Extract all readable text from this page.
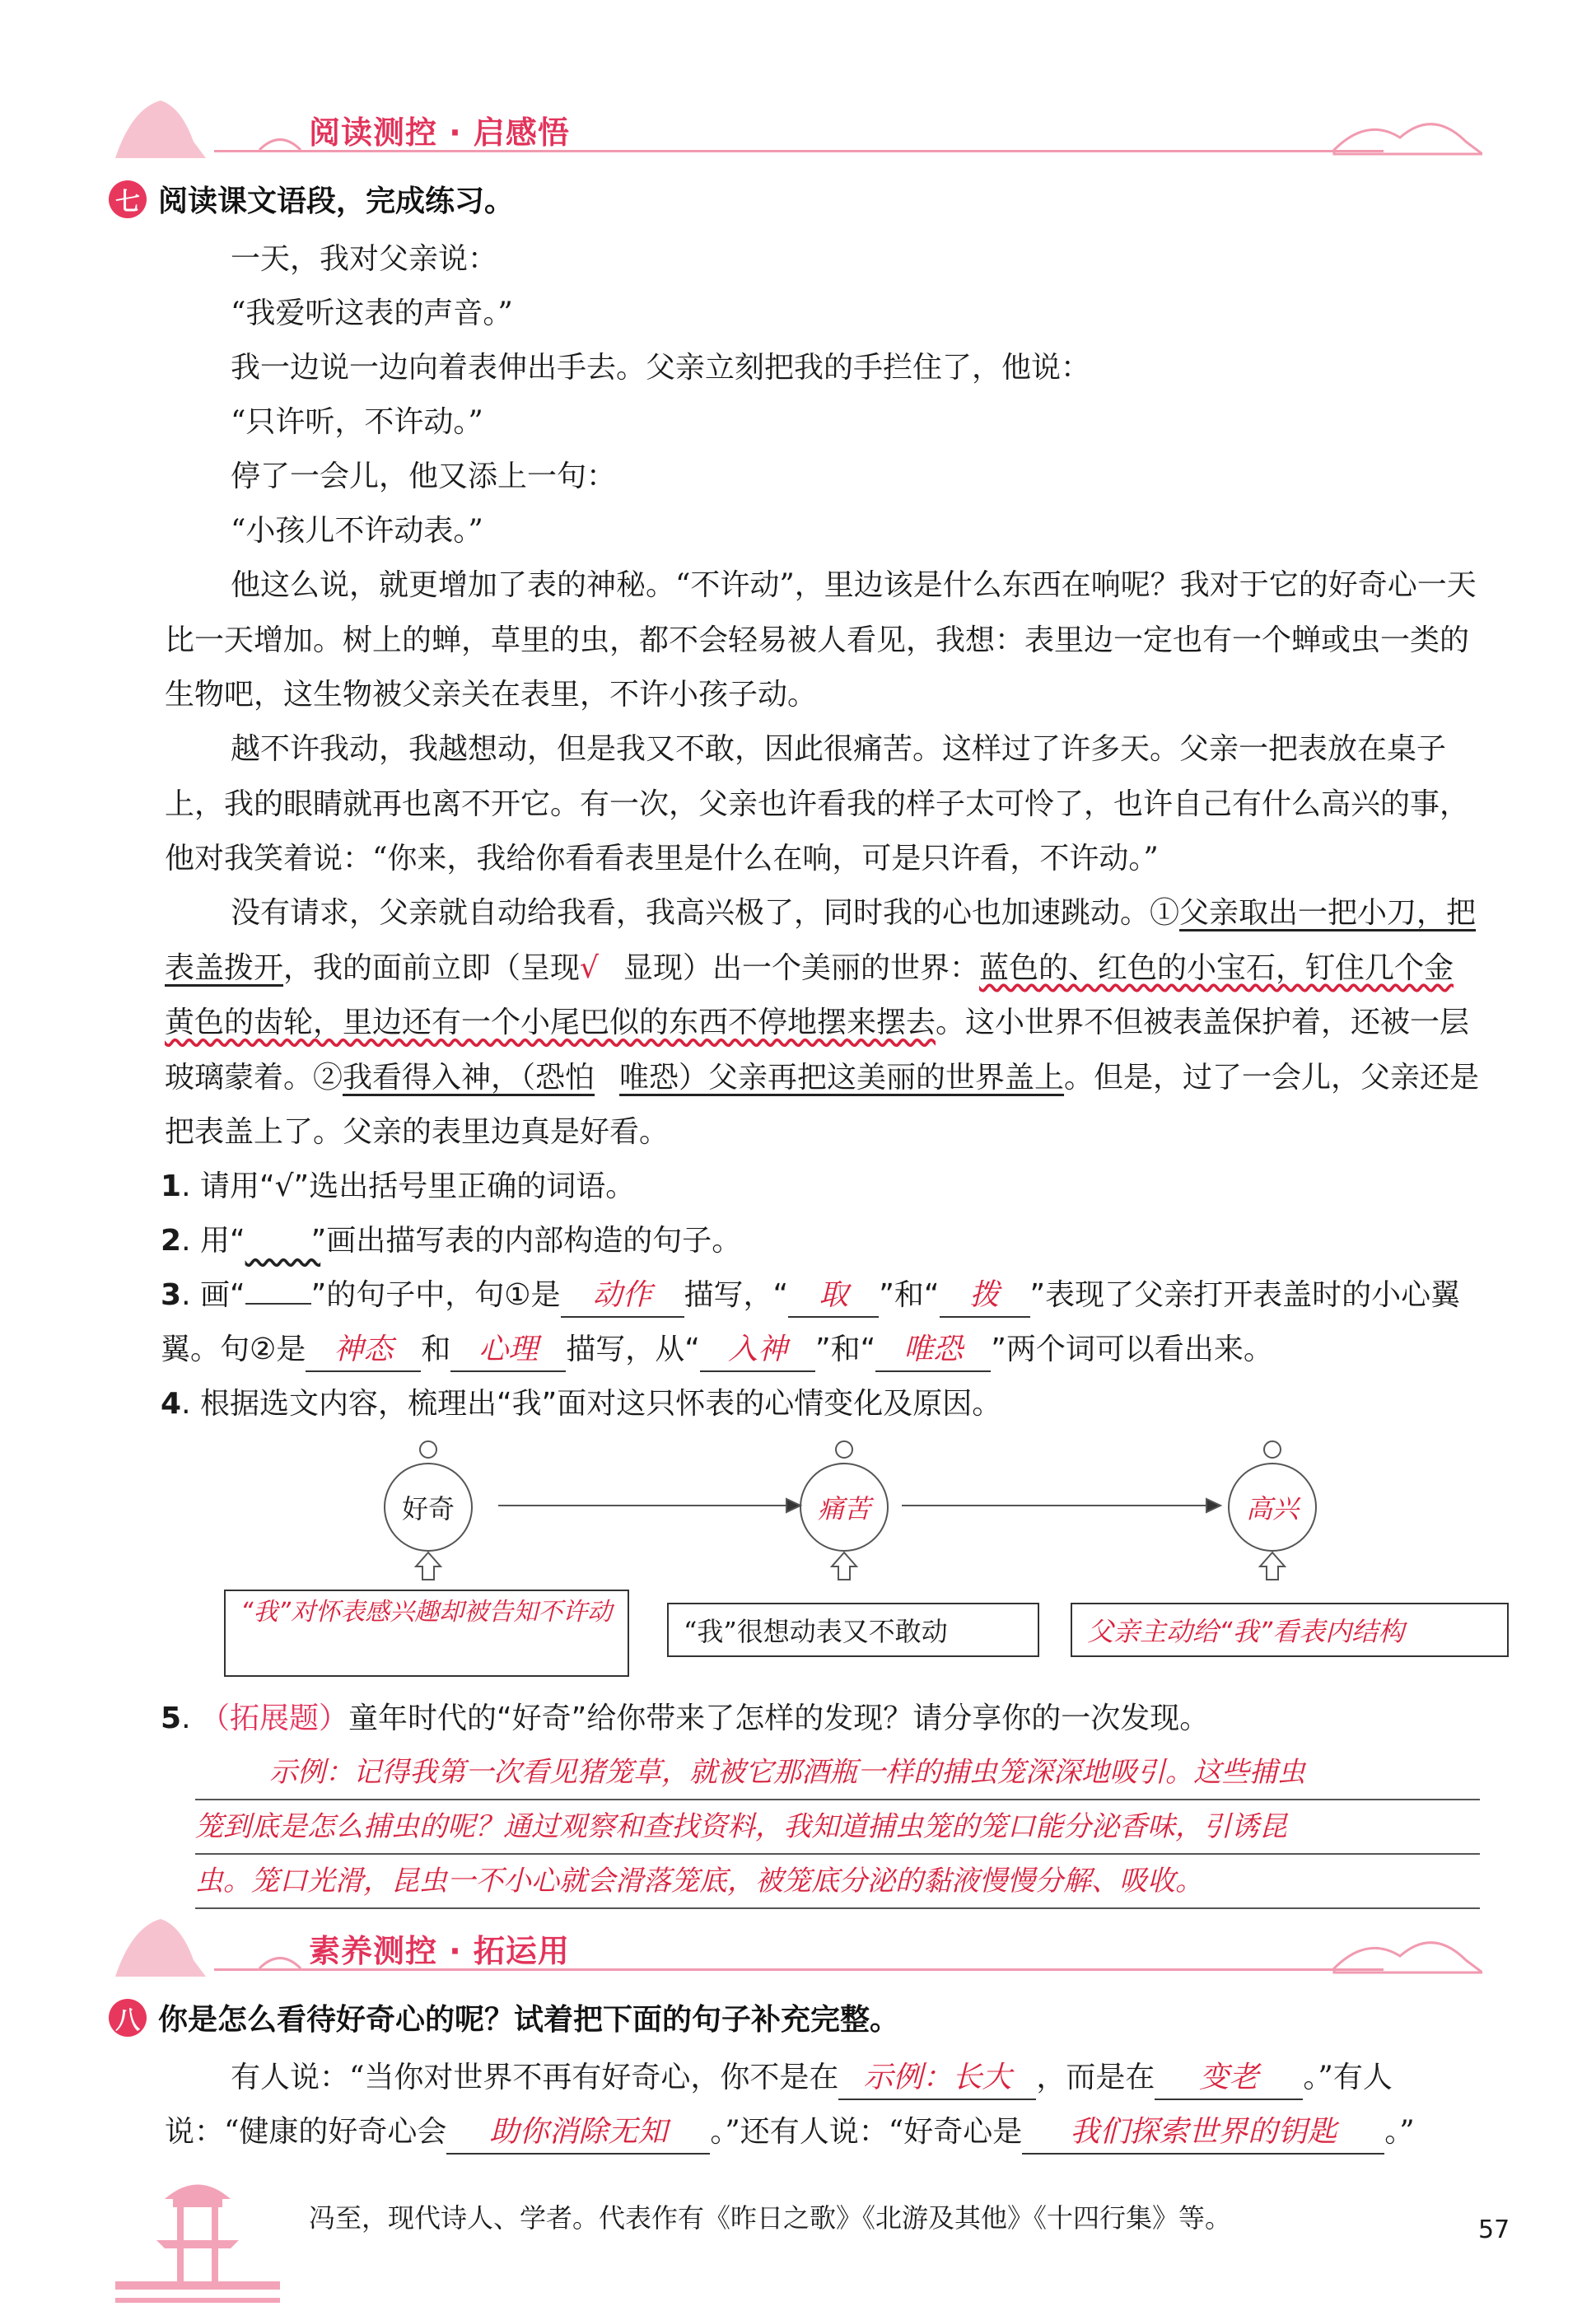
阅读测控 · 启感悟
七 阅读课文语段，完成练习。
一天，我对父亲说：
“我爱听这表的声音。”
我一边说一边向着表伸出手去。父亲立刻把我的手拦住了，他说：
“只许听，不许动。”
停了一会儿，他又添上一句：
“小孩儿不许动表。”
他这么说，就更增加了表的神秘。“不许动”，里边该是什么东西在响呢？我对于它的好奇心一天比一天增加。树上的蝉，草里的虫，都不会轻易被人看见，我想：表里边一定也有一个蝉或虫一类的生物吧，这生物被父亲关在表里，不许小孩子动。
越不许我动，我越想动，但是我又不敢，因此很痛苦。这样过了许多天。父亲一把表放在桌子上，我的眼睛就再也离不开它。有一次，父亲也许看我的样子太可怜了，也许自己有什么高兴的事，他对我笑着说：“你来，我给你看看表里是什么在响，可是只许看，不许动。”
没有请求，父亲就自动给我看，我高兴极了，同时我的心也加速跳动。①父亲取出一把小刀，把表盖拨开，我的面前立即（呈现√ 显现）出一个美丽的世界：蓝色的、红色的小宝石，钉住几个金黄色的齿轮，里边还有一个小尾巴似的东西不停地摆来摆去。这小世界不但被表盖保护着，还被一层玻璃蒙着。②我看得入神，（恐怕 唯恐）父亲再把这美丽的世界盖上。但是，过了一会儿，父亲还是把表盖上了。父亲的表里边真是好看。
1. 请用“√”选出括号里正确的词语。
2. 用“ ”画出描写表的内部构造的句子。
3. 画“ ”的句子中，句①是 动作 描写，“ 取 ”和“ 拨 ”表现了父亲打开表盖时的小心翼翼。句②是 神态 和 心理 描写，从“ 入神 ”和“ 唯恐 ”两个词可以看出来。
4. 根据选文内容，梳理出“我”面对这只怀表的心情变化及原因。
好奇	痛苦	高兴
“我”对怀表感兴趣却被告知不许动
“我”很想动表又不敢动	父亲主动给“我”看表内结构
5. （拓展题）童年时代的“好奇”给你带来了怎样的发现？请分享你的一次发现。
示例：记得我第一次看见猪笼草，就被它那酒瓶一样的捕虫笼深深地吸引。这些捕虫
笼到底是怎么捕虫的呢？通过观察和查找资料，我知道捕虫笼的笼口能分泌香味，引诱昆
虫。笼口光滑，昆虫一不小心就会滑落笼底，被笼底分泌的黏液慢慢分解、吸收。
素养测控 · 拓运用
八 你是怎么看待好奇心的呢？试着把下面的句子补充完整。
有人说：“当你对世界不再有好奇心，你不是在 示例：长大 ，而是在 变老 。”有人
说：“健康的好奇心会 助你消除无知 。”还有人说：“好奇心是 我们探索世界的钥匙 。”
冯至，现代诗人、学者。代表作有《昨日之歌》《北游及其他》《十四行集》等。	57
